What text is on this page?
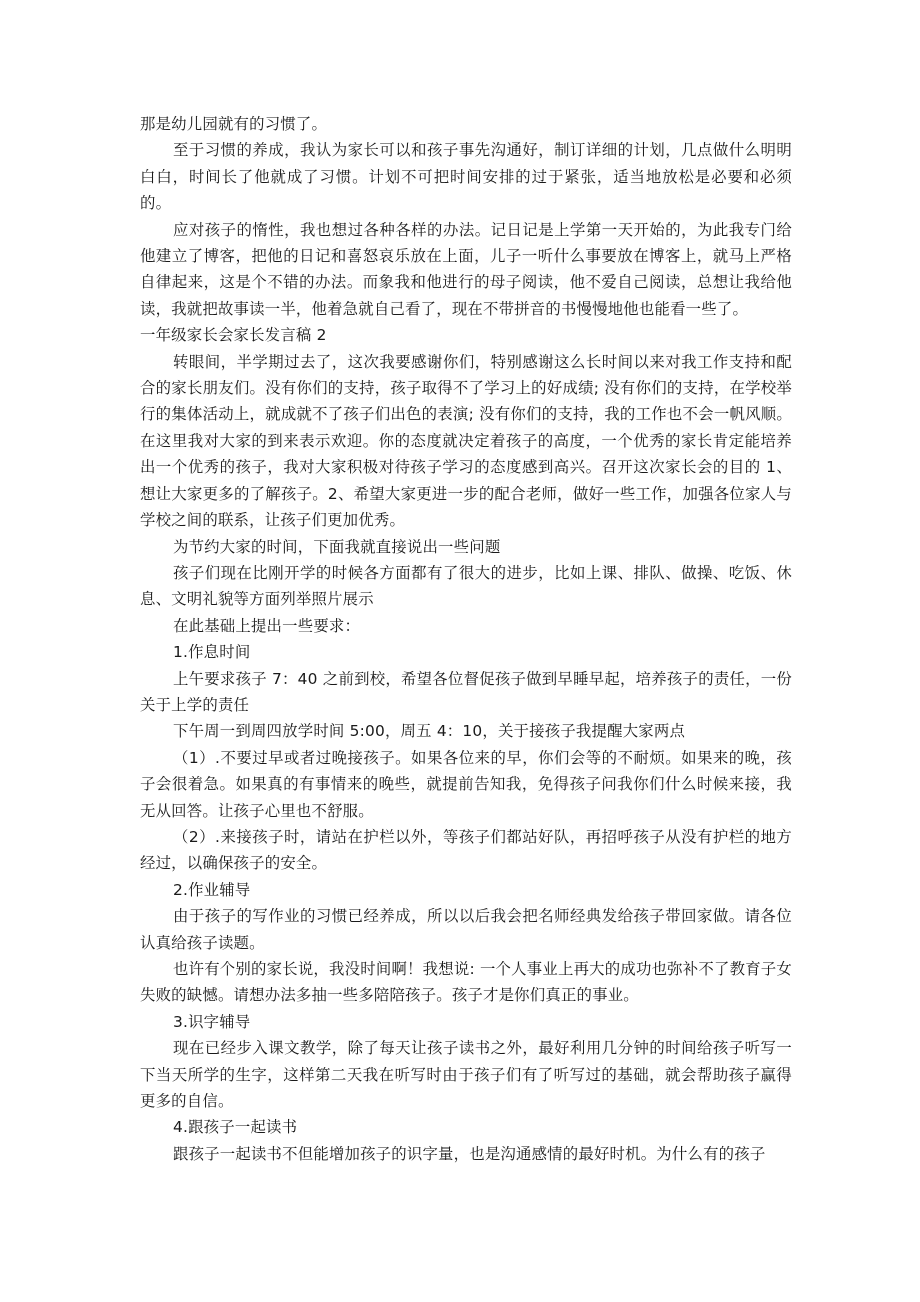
那是幼儿园就有的习惯了。

至于习惯的养成，我认为家长可以和孩子事先沟通好，制订详细的计划，几点做什么明明白白，时间长了他就成了习惯。计划不可把时间安排的过于紧张，适当地放松是必要和必须的。

应对孩子的惰性，我也想过各种各样的办法。记日记是上学第一天开始的，为此我专门给他建立了博客，把他的日记和喜怒哀乐放在上面，儿子一听什么事要放在博客上，就马上严格自律起来，这是个不错的办法。而象我和他进行的母子阅读，他不爱自己阅读，总想让我给他读，我就把故事读一半，他着急就自己看了，现在不带拼音的书慢慢地他也能看一些了。

一年级家长会家长发言稿 2

转眼间，半学期过去了，这次我要感谢你们，特别感谢这么长时间以来对我工作支持和配合的家长朋友们。没有你们的支持，孩子取得不了学习上的好成绩; 没有你们的支持，在学校举行的集体活动上，就成就不了孩子们出色的表演; 没有你们的支持，我的工作也不会一帆风顺。在这里我对大家的到来表示欢迎。你的态度就决定着孩子的高度，一个优秀的家长肯定能培养出一个优秀的孩子，我对大家积极对待孩子学习的态度感到高兴。召开这次家长会的目的 1、想让大家更多的了解孩子。2、希望大家更进一步的配合老师，做好一些工作，加强各位家人与学校之间的联系，让孩子们更加优秀。

为节约大家的时间，下面我就直接说出一些问题

孩子们现在比刚开学的时候各方面都有了很大的进步，比如上课、排队、做操、吃饭、休息、文明礼貌等方面列举照片展示

在此基础上提出一些要求：

1.作息时间

上午要求孩子 7：40 之前到校，希望各位督促孩子做到早睡早起，培养孩子的责任，一份关于上学的责任

下午周一到周四放学时间 5:00，周五 4：10，关于接孩子我提醒大家两点

（1）.不要过早或者过晚接孩子。如果各位来的早，你们会等的不耐烦。如果来的晚，孩子会很着急。如果真的有事情来的晚些，就提前告知我，免得孩子问我你们什么时候来接，我无从回答。让孩子心里也不舒服。

（2）.来接孩子时，请站在护栏以外，等孩子们都站好队，再招呼孩子从没有护栏的地方经过，以确保孩子的安全。

2.作业辅导

由于孩子的写作业的习惯已经养成，所以以后我会把名师经典发给孩子带回家做。请各位认真给孩子读题。

也许有个别的家长说，我没时间啊！我想说: 一个人事业上再大的成功也弥补不了教育子女失败的缺憾。请想办法多抽一些多陪陪孩子。孩子才是你们真正的事业。

3.识字辅导

现在已经步入课文教学，除了每天让孩子读书之外，最好利用几分钟的时间给孩子听写一下当天所学的生字，这样第二天我在听写时由于孩子们有了听写过的基础，就会帮助孩子赢得更多的自信。

4.跟孩子一起读书

跟孩子一起读书不但能增加孩子的识字量，也是沟通感情的最好时机。为什么有的孩子
